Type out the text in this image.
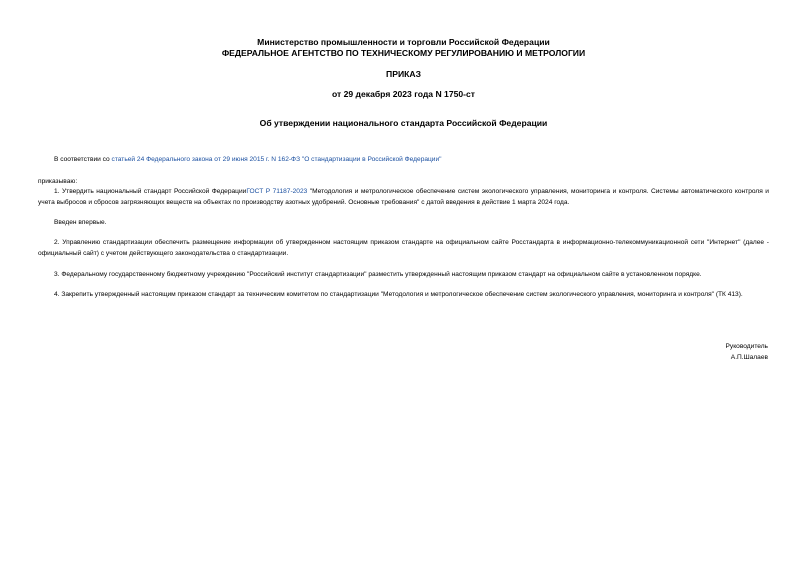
Министерство промышленности и торговли Российской Федерации
ФЕДЕРАЛЬНОЕ АГЕНТСТВО ПО ТЕХНИЧЕСКОМУ РЕГУЛИРОВАНИЮ И МЕТРОЛОГИИ
ПРИКАЗ
от 29 декабря 2023 года N 1750-ст
Об утверждении национального стандарта Российской Федерации
В соответствии со статьей 24 Федерального закона от 29 июня 2015 г. N 162-ФЗ "О стандартизации в Российской Федерации"
приказываю:
1. Утвердить национальный стандарт Российской ФедерацииГОСТ Р 71187-2023 "Методология и метрологическое обеспечение систем экологического управления, мониторинга и контроля. Системы автоматического контроля и учета выбросов и сбросов загрязняющих веществ на объектах по производству азотных удобрений. Основные требования" с датой введения в действие 1 марта 2024 года.
Введен впервые.
2. Управлению стандартизации обеспечить размещение информации об утвержденном настоящим приказом стандарте на официальном сайте Росстандарта в информационно-телекоммуникационной сети "Интернет" (далее - официальный сайт) с учетом действующего законодательства о стандартизации.
3. Федеральному государственному бюджетному учреждению "Российский институт стандартизации" разместить утвержденный настоящим приказом стандарт на официальном сайте в установленном порядке.
4. Закрепить утвержденный настоящим приказом стандарт за техническим комитетом по стандартизации "Методология и метрологическое обеспечение систем экологического управления, мониторинга и контроля" (ТК 413).
Руководитель
А.П.Шалаев
